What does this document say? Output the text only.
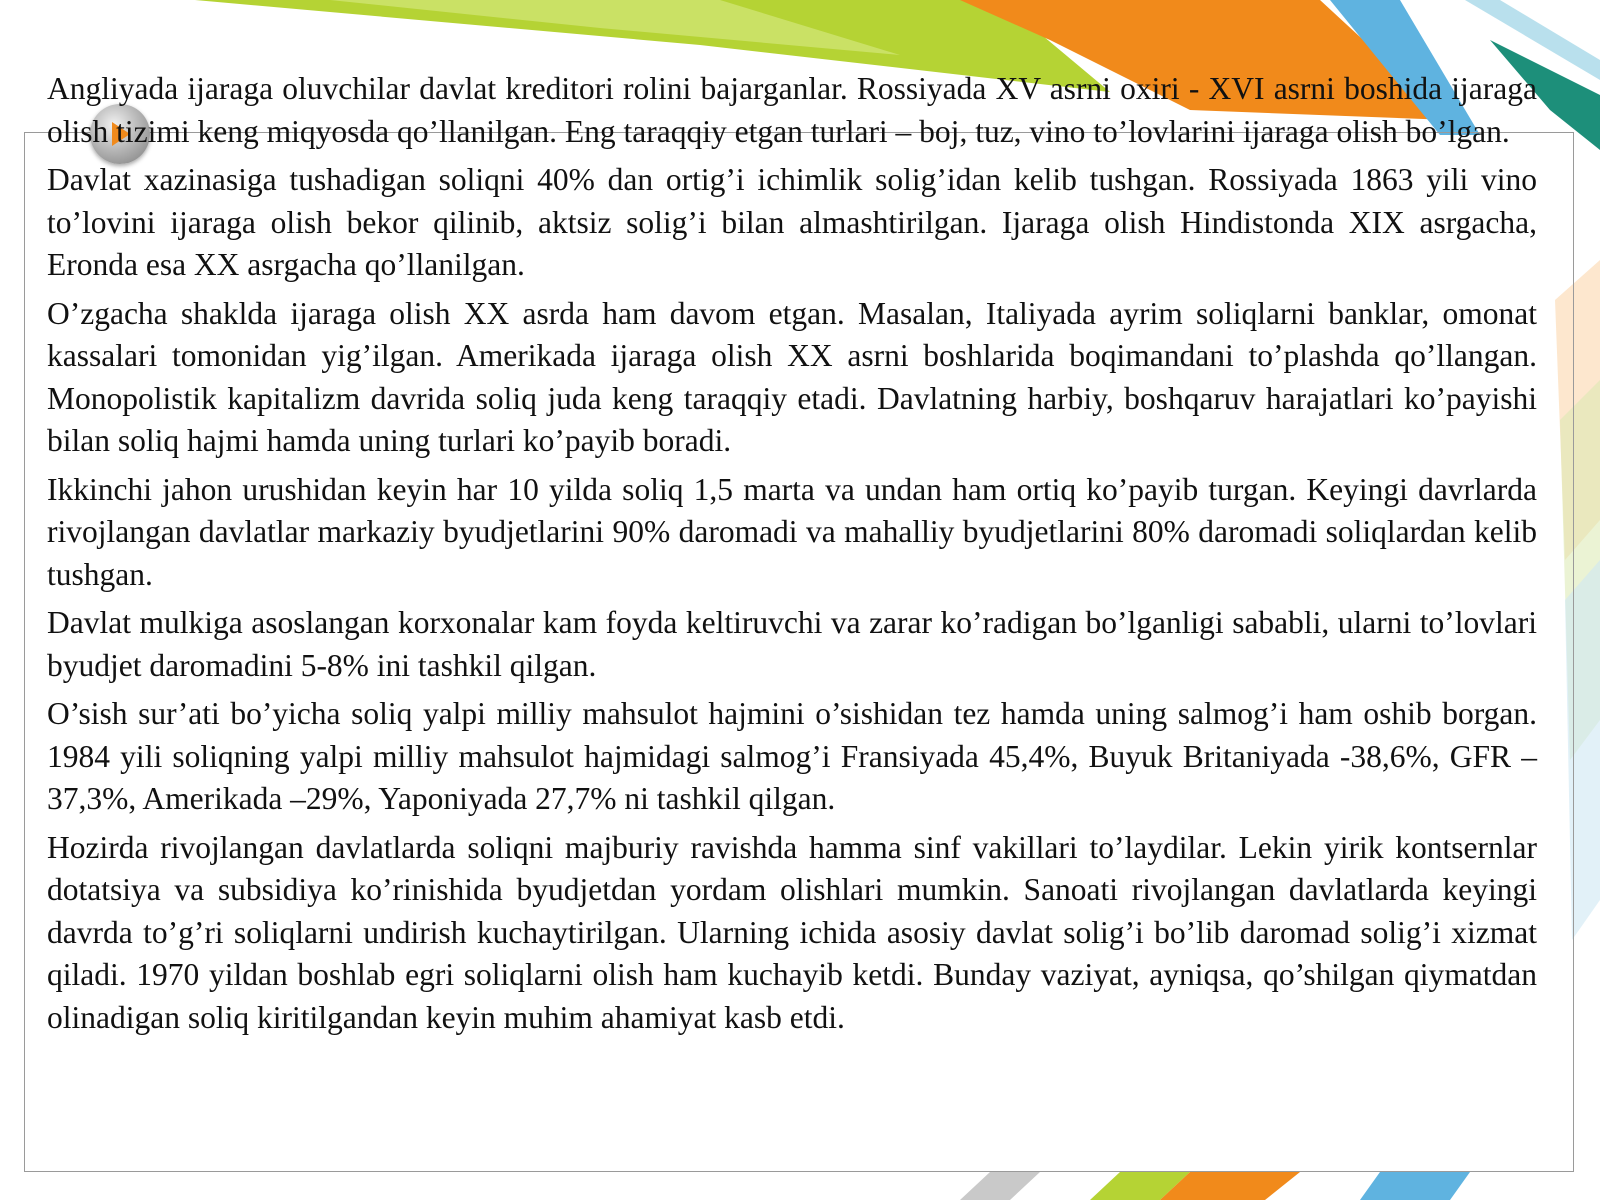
Angliyada ijaraga oluvchilar davlat kreditori rolini bajarganlar. Rossiyada XV asrni oxiri - XVI asrni boshida ijaraga olish tizimi keng miqyosda qo’llanilgan. Eng taraqqiy etgan turlari – boj, tuz, vino to’lovlarini ijaraga olish bo’lgan.

Davlat xazinasiga tushadigan soliqni 40% dan ortig’i ichimlik solig’idan kelib tushgan. Rossiyada 1863 yili vino to’lovini ijaraga olish bekor qilinib, aktsiz solig’i bilan almashtirilgan. Ijaraga olish Hindistonda XIX asrgacha, Eronda esa XX asrgacha qo’llanilgan.

O’zgacha shaklda ijaraga olish XX asrda ham davom etgan. Masalan, Italiyada ayrim soliqlarni banklar, omonat kassalari tomonidan yig’ilgan. Amerikada ijaraga olish XX asrni boshlarida boqimandani to’plashda qo’llangan. Monopolistik kapitalizm davrida soliq juda keng taraqqiy etadi. Davlatning harbiy, boshqaruv harajatlari ko’payishi bilan soliq hajmi hamda uning turlari ko’payib boradi.

Ikkinchi jahon urushidan keyin har 10 yilda soliq 1,5 marta va undan ham ortiq ko’payib turgan. Keyingi davrlarda rivojlangan davlatlar markaziy byudjetlarini 90% daromadi va mahalliy byudjetlarini 80% daromadi soliqlardan kelib tushgan.

Davlat mulkiga asoslangan korxonalar kam foyda keltiruvchi va zarar ko’radigan bo’lganligi sababli, ularni to’lovlari byudjet daromadini 5-8% ini tashkil qilgan.

O’sish sur’ati bo’yicha soliq yalpi milliy mahsulot hajmini o’sishidan tez hamda uning salmog’i ham oshib borgan. 1984 yili soliqning yalpi milliy mahsulot hajmidagi salmog’i Fransiyada 45,4%, Buyuk Britaniyada -38,6%, GFR –37,3%, Amerikada –29%, Yaponiyada 27,7% ni tashkil qilgan.

Hozirda rivojlangan davlatlarda soliqni majburiy ravishda hamma sinf vakillari to’laydilar. Lekin yirik kontsernlar dotatsiya va subsidiya ko’rinishida byudjetdan yordam olishlari mumkin. Sanoati rivojlangan davlatlarda keyingi davrda to’g’ri soliqlarni undirish kuchaytirilgan. Ularning ichida asosiy davlat solig’i bo’lib daromad solig’i xizmat qiladi. 1970 yildan boshlab egri soliqlarni olish ham kuchayib ketdi. Bunday vaziyat, ayniqsa, qo’shilgan qiymatdan olinadigan soliq kiritilgandan keyin muhim ahamiyat kasb etdi.
